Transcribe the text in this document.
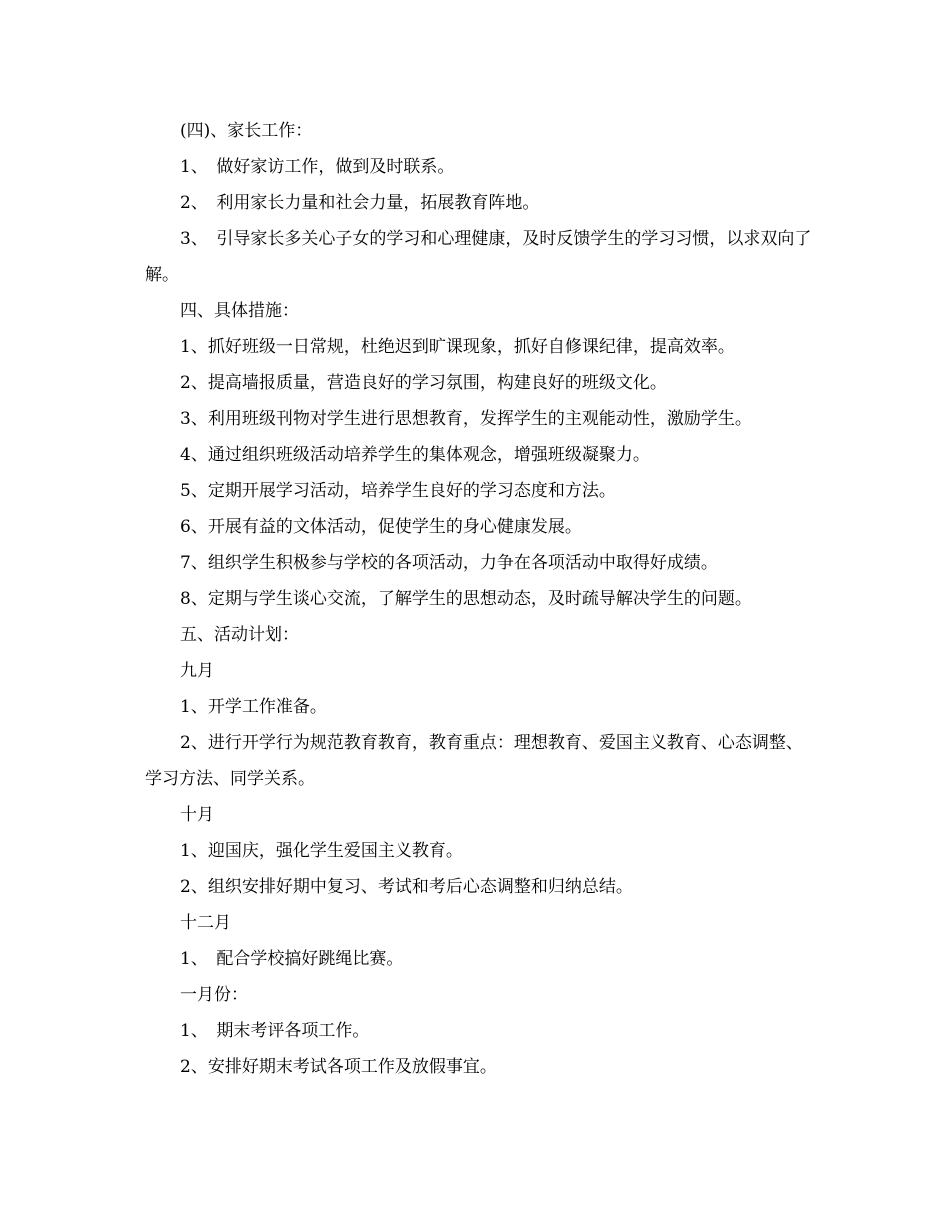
(四)、家长工作：

1、　做好家访工作，做到及时联系。

2、　利用家长力量和社会力量，拓展教育阵地。

3、　引导家长多关心子女的学习和心理健康，及时反馈学生的学习习惯，以求双向了解。

四、具体措施：

1、抓好班级一日常规，杜绝迟到旷课现象，抓好自修课纪律，提高效率。

2、提高墙报质量，营造良好的学习氛围，构建良好的班级文化。

3、利用班级刊物对学生进行思想教育，发挥学生的主观能动性，激励学生。

4、通过组织班级活动培养学生的集体观念，增强班级凝聚力。

5、定期开展学习活动，培养学生良好的学习态度和方法。

6、开展有益的文体活动，促使学生的身心健康发展。

7、组织学生积极参与学校的各项活动，力争在各项活动中取得好成绩。

8、定期与学生谈心交流，了解学生的思想动态，及时疏导解决学生的问题。

五、活动计划：

九月

1、开学工作准备。

2、进行开学行为规范教育教育，教育重点：理想教育、爱国主义教育、心态调整、学习方法、同学关系。

十月

1、迎国庆，强化学生爱国主义教育。

2、组织安排好期中复习、考试和考后心态调整和归纳总结。

十二月

1、　配合学校搞好跳绳比赛。

一月份：

1、　期末考评各项工作。

2、安排好期末考试各项工作及放假事宜。
